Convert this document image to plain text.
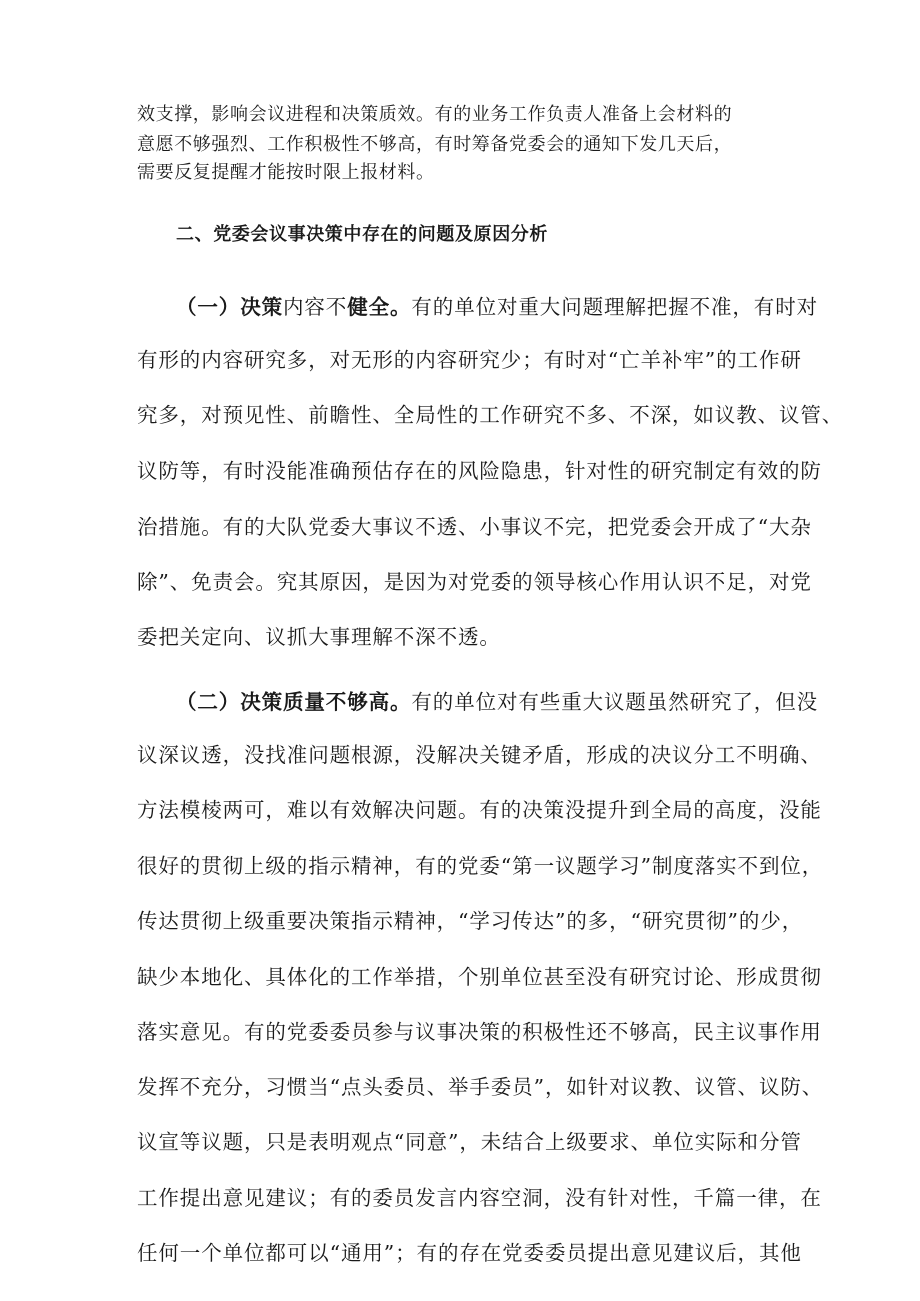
效支撑，影响会议进程和决策质效。有的业务工作负责人准备上会材料的
意愿不够强烈、工作积极性不够高，有时筹备党委会的通知下发几天后，
需要反复提醒才能按时限上报材料。
二、党委会议事决策中存在的问题及原因分析
（一）决策内容不健全。有的单位对重大问题理解把握不准，有时对
有形的内容研究多，对无形的内容研究少；有时对“亡羊补牢”的工作研
究多，对预见性、前瞻性、全局性的工作研究不多、不深，如议教、议管、
议防等，有时没能准确预估存在的风险隐患，针对性的研究制定有效的防
治措施。有的大队党委大事议不透、小事议不完，把党委会开成了“大杂
除”、免责会。究其原因，是因为对党委的领导核心作用认识不足，对党
委把关定向、议抓大事理解不深不透。
（二）决策质量不够高。有的单位对有些重大议题虽然研究了，但没
议深议透，没找准问题根源，没解决关键矛盾，形成的决议分工不明确、
方法模棱两可，难以有效解决问题。有的决策没提升到全局的高度，没能
很好的贯彻上级的指示精神，有的党委“第一议题学习”制度落实不到位，
传达贯彻上级重要决策指示精神，“学习传达”的多，“研究贯彻”的少，
缺少本地化、具体化的工作举措，个别单位甚至没有研究讨论、形成贯彻
落实意见。有的党委委员参与议事决策的积极性还不够高，民主议事作用
发挥不充分，习惯当“点头委员、举手委员”，如针对议教、议管、议防、
议宣等议题，只是表明观点“同意”，未结合上级要求、单位实际和分管
工作提出意见建议；有的委员发言内容空洞，没有针对性，千篇一律，在
任何一个单位都可以“通用”；有的存在党委委员提出意见建议后，其他
